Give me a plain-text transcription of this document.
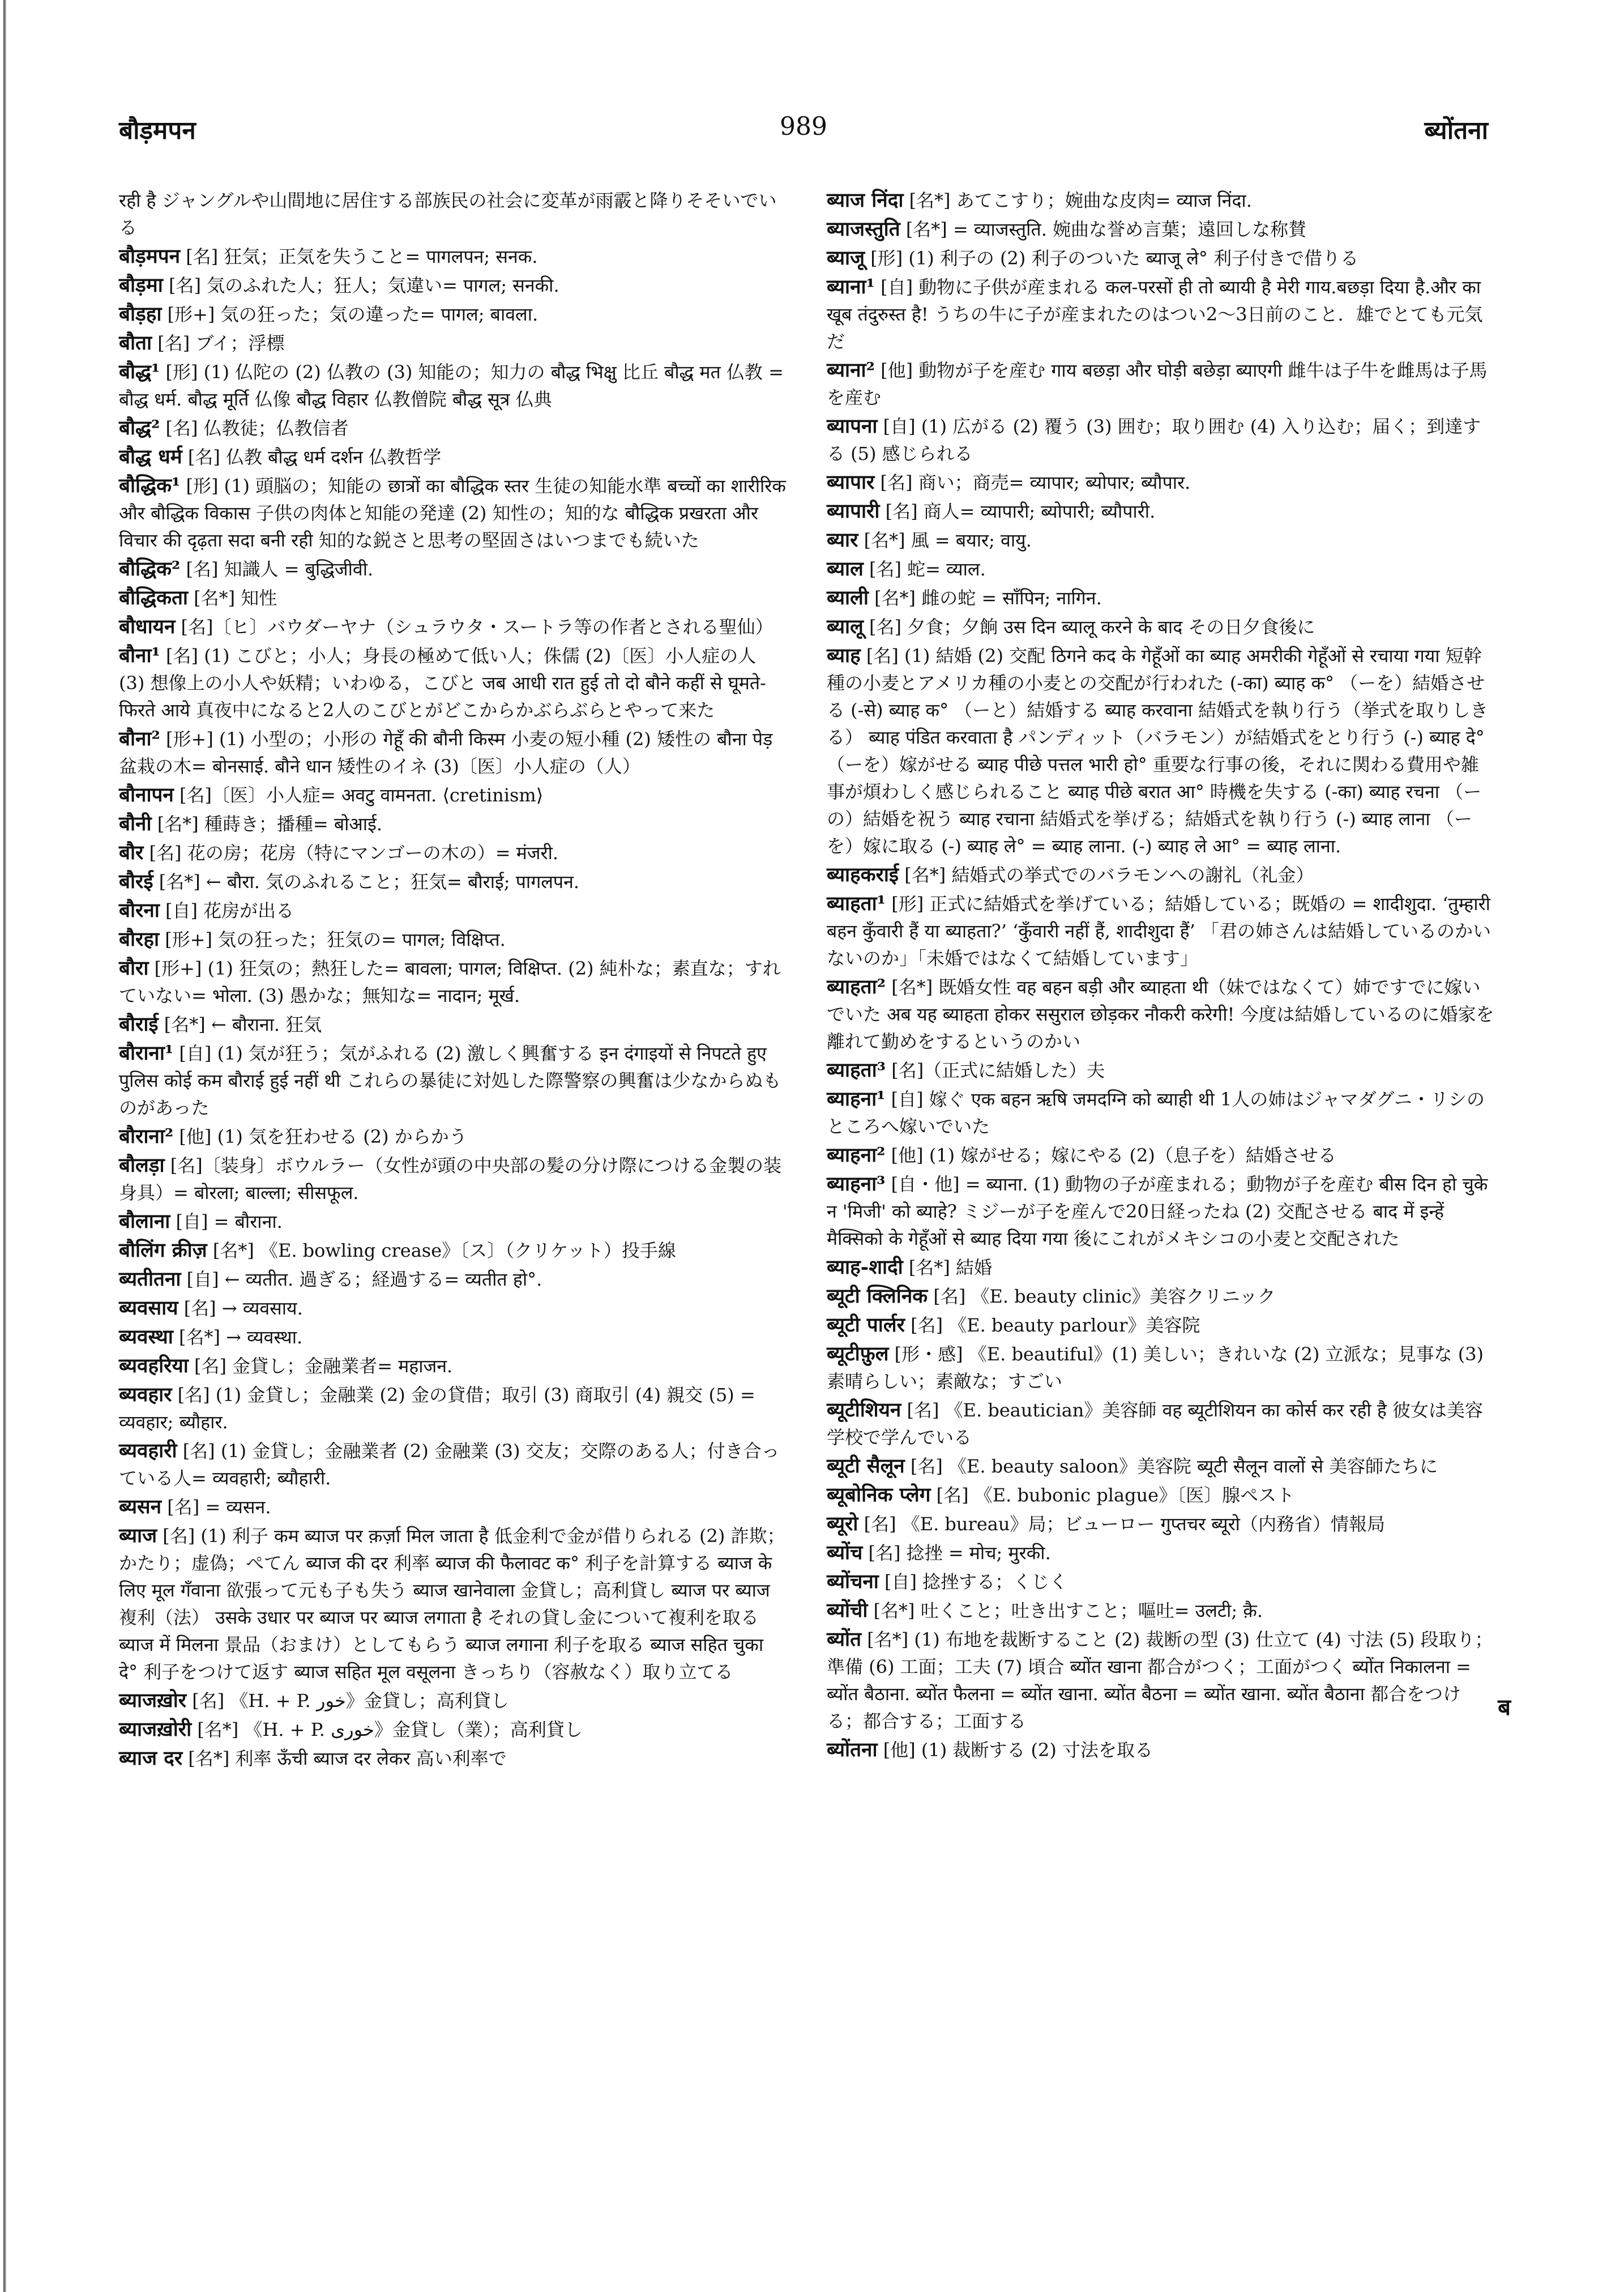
989
बौड़मपन	ब्योंतना

रही है ジャングルや山間地に居住する部族民の社会に変革が雨霰と降りそそいでいる

बौड़मपन [名] 狂気；正気を失うこと= पागलपन; सनक.

बौड़मा [名] 気のふれた人；狂人；気違い= पागल; सनकी.

बौड़हा [形+] 気の狂った；気の違った= पागल; बावला.

बौता [名] ブイ；浮標

बौद्ध¹ [形] (1) 仏陀の (2) 仏教の (3) 知能の；知力の बौद्ध भिक्षु 比丘 बौद्ध मत 仏教 = बौद्ध धर्म. बौद्ध मूर्ति 仏像 बौद्ध विहार 仏教僧院 बौद्ध सूत्र 仏典

बौद्ध² [名] 仏教徒；仏教信者

बौद्ध धर्म [名] 仏教 बौद्ध धर्म दर्शन 仏教哲学

बौद्धिक¹ [形] (1) 頭脳の；知能の छात्रों का बौद्धिक स्तर 生徒の知能水準 बच्चों का शारीरिक और बौद्धिक विकास 子供の肉体と知能の発達 (2) 知性の；知的な बौद्धिक प्रखरता और विचार की दृढ़ता सदा बनी रही 知的な鋭さと思考の堅固さはいつまでも続いた

बौद्धिक² [名] 知識人 = बुद्धिजीवी.

बौद्धिकता [名*] 知性

बौधायन [名]〔ヒ〕バウダーヤナ（シュラウタ・スートラ等の作者とされる聖仙）

बौना¹ [名] (1) こびと；小人；身長の極めて低い人；侏儒 (2)〔医〕小人症の人 (3) 想像上の小人や妖精；いわゆる，こびと जब आधी रात हुई तो दो बौने कहीं से घूमते-फिरते आये 真夜中になると2人のこびとがどこからかぶらぶらとやって来た

बौना² [形+] (1) 小型の；小形の गेहूँ की बौनी किस्म 小麦の短小種 (2) 矮性の बौना पेड़ 盆栽の木= बोनसाई. बौने धान 矮性のイネ (3)〔医〕小人症の（人）

बौनापन [名]〔医〕小人症= अवटु वामनता. ⟨cretinism⟩

बौनी [名*] 種蒔き；播種= बोआई.

बौर [名] 花の房；花房（特にマンゴーの木の）= मंजरी.

बौरई [名*] ← बौरा. 気のふれること；狂気= बौराई; पागलपन.

बौरना [自] 花房が出る

बौरहा [形+] 気の狂った；狂気の= पागल; विक्षिप्त.

बौरा [形+] (1) 狂気の；熱狂した= बावला; पागल; विक्षिप्त. (2) 純朴な；素直な；すれていない= भोला. (3) 愚かな；無知な= नादान; मूर्ख.

बौराई [名*] ← बौराना. 狂気

बौराना¹ [自] (1) 気が狂う；気がふれる (2) 激しく興奮する इन दंगाइयों से निपटते हुए पुलिस कोई कम बौराई हुई नहीं थी これらの暴徒に対処した際警察の興奮は少なからぬものがあった

बौराना² [他] (1) 気を狂わせる (2) からかう

बौलड़ा [名]〔装身〕ボウルラー（女性が頭の中央部の髪の分け際につける金製の装身具）= बोरला; बाल्ला; सीसफूल.

बौलाना [自] = बौराना.

बौलिंग क्रीज़ [名*] 《E. bowling crease》〔ス〕（クリケット）投手線

ब्यतीतना [自] ← व्यतीत. 過ぎる；経過する= व्यतीत हो°.

ब्यवसाय [名] → व्यवसाय.

ब्यवस्था [名*] → व्यवस्था.

ब्यवहरिया [名] 金貸し；金融業者= महाजन.

ब्यवहार [名] (1) 金貸し；金融業 (2) 金の貸借；取引 (3) 商取引 (4) 親交 (5) = व्यवहार; ब्यौहार.

ब्यवहारी [名] (1) 金貸し；金融業者 (2) 金融業 (3) 交友；交際のある人；付き合っている人= व्यवहारी; ब्यौहारी.

ब्यसन [名] = व्यसन.

ब्याज [名] (1) 利子 कम ब्याज पर क़र्ज़ा मिल जाता है 低金利で金が借りられる (2) 詐欺；かたり；虚偽；ぺてん ब्याज की दर 利率 ब्याज की फैलावट क° 利子を計算する ब्याज के लिए मूल गँवाना 欲張って元も子も失う ब्याज खानेवाला 金貸し；高利貸し ब्याज पर ब्याज 複利（法） उसके उधार पर ब्याज पर ब्याज लगाता है それの貸し金について複利を取る ब्याज में मिलना 景品（おまけ）としてもらう ब्याज लगाना 利子を取る ब्याज सहित चुका दे° 利子をつけて返す ब्याज सहित मूल वसूलना きっちり（容赦なく）取り立てる

ब्याजख़ोर [名] 《H. + P. خور》金貸し；高利貸し

ब्याजख़ोरी [名*] 《H. + P. خوری》金貸し（業）；高利貸し

ब्याज दर [名*] 利率 ऊँची ब्याज दर लेकर 高い利率で

ब्याज निंदा [名*] あてこすり；婉曲な皮肉= व्याज निंदा.

ब्याजस्तुति [名*] = व्याजस्तुति. 婉曲な誉め言葉；遠回しな称賛

ब्याजू [形] (1) 利子の (2) 利子のついた ब्याजू ले° 利子付きで借りる

ब्याना¹ [自] 動物に子供が産まれる कल-परसों ही तो ब्यायी है मेरी गाय.बछड़ा दिया है.और का खूब तंदुरुस्त है! うちの牛に子が産まれたのはつい2～3日前のこと．雄でとても元気だ

ब्याना² [他] 動物が子を産む गाय बछड़ा और घोड़ी बछेड़ा ब्याएगी 雌牛は子牛を雌馬は子馬を産む

ब्यापना [自] (1) 広がる (2) 覆う (3) 囲む；取り囲む (4) 入り込む；届く；到達する (5) 感じられる

ब्यापार [名] 商い；商売= व्यापार; ब्योपार; ब्यौपार.

ब्यापारी [名] 商人= व्यापारी; ब्योपारी; ब्यौपारी.

ब्यार [名*] 風 = बयार; वायु.

ब्याल [名] 蛇= व्याल.

ब्याली [名*] 雌の蛇 = साँपिन; नागिन.

ब्यालू [名] 夕食；夕餉 उस दिन ब्यालू करने के बाद その日夕食後に

ब्याह [名] (1) 結婚 (2) 交配 ठिगने कद के गेहूँओं का ब्याह अमरीकी गेहूँओं से रचाया गया 短幹種の小麦とアメリカ種の小麦との交配が行われた (-का) ब्याह क° （ーを）結婚させる (-से) ब्याह क° （ーと）結婚する ब्याह करवाना 結婚式を執り行う（挙式を取りしきる） ब्याह पंडित करवाता है パンディット（バラモン）が結婚式をとり行う (-) ब्याह दे° （ーを）嫁がせる ब्याह पीछे पत्तल भारी हो° 重要な行事の後，それに関わる費用や雑事が煩わしく感じられること ब्याह पीछे बरात आ° 時機を失する (-का) ब्याह रचना （ーの）結婚を祝う ब्याह रचाना 結婚式を挙げる；結婚式を執り行う (-) ब्याह लाना （ーを）嫁に取る (-) ब्याह ले° = ब्याह लाना. (-) ब्याह ले आ° = ब्याह लाना.

ब्याहकराई [名*] 結婚式の挙式でのバラモンへの謝礼（礼金）

ब्याहता¹ [形] 正式に結婚式を挙げている；結婚している；既婚の = शादीशुदा. ‘तुम्हारी बहन कुँवारी हैं या ब्याहता?’ ‘कुँवारी नहीं हैं, शादीशुदा हैं’ 「君の姉さんは結婚しているのかいないのか」「未婚ではなくて結婚しています」

ब्याहता² [名*] 既婚女性 वह बहन बड़ी और ब्याहता थी（妹ではなくて）姉ですでに嫁いでいた अब यह ब्याहता होकर ससुराल छोड़कर नौकरी करेगी! 今度は結婚しているのに婚家を離れて勤めをするというのかい

ब्याहता³ [名]（正式に結婚した）夫

ब्याहना¹ [自] 嫁ぐ एक बहन ऋषि जमदग्नि को ब्याही थी 1人の姉はジャマダグニ・リシのところへ嫁いでいた

ब्याहना² [他] (1) 嫁がせる；嫁にやる (2)（息子を）結婚させる

ब्याहना³ [自・他] = ब्याना. (1) 動物の子が産まれる；動物が子を産む बीस दिन हो चुके न 'मिजी' को ब्याहे? ミジーが子を産んで20日経ったね (2) 交配させる बाद में इन्हें मैक्सिको के गेहूँओं से ब्याह दिया गया 後にこれがメキシコの小麦と交配された

ब्याह-शादी [名*] 結婚

ब्यूटी क्लिनिक [名] 《E. beauty clinic》美容クリニック

ब्यूटी पार्लर [名] 《E. beauty parlour》美容院

ब्यूटीफ़ुल [形・感] 《E. beautiful》(1) 美しい；きれいな (2) 立派な；見事な (3) 素晴らしい；素敵な；すごい

ब्यूटीशियन [名] 《E. beautician》美容師 वह ब्यूटीशियन का कोर्स कर रही है 彼女は美容学校で学んでいる

ब्यूटी सैलून [名] 《E. beauty saloon》美容院 ब्यूटी सैलून वालों से 美容師たちに

ब्यूबोनिक प्लेग [名] 《E. bubonic plague》〔医〕腺ペスト

ब्यूरो [名] 《E. bureau》局；ビューロー गुप्तचर ब्यूरो（内務省）情報局

ब्योंच [名] 捻挫 = मोच; मुरकी.

ब्योंचना [自] 捻挫する；くじく

ब्योंची [名*] 吐くこと；吐き出すこと；嘔吐= उलटी; क़ै.

ब्योंत [名*] (1) 布地を裁断すること (2) 裁断の型 (3) 仕立て (4) 寸法 (5) 段取り；準備 (6) 工面；工夫 (7) 頃合 ब्योंत खाना 都合がつく；工面がつく ब्योंत निकालना = ब्योंत बैठाना. ब्योंत फैलना = ब्योंत खाना. ब्योंत बैठना = ब्योंत खाना. ब्योंत बैठाना 都合をつける；都合する；工面する

ब्योंतना [他] (1) 裁断する (2) 寸法を取る

ब
